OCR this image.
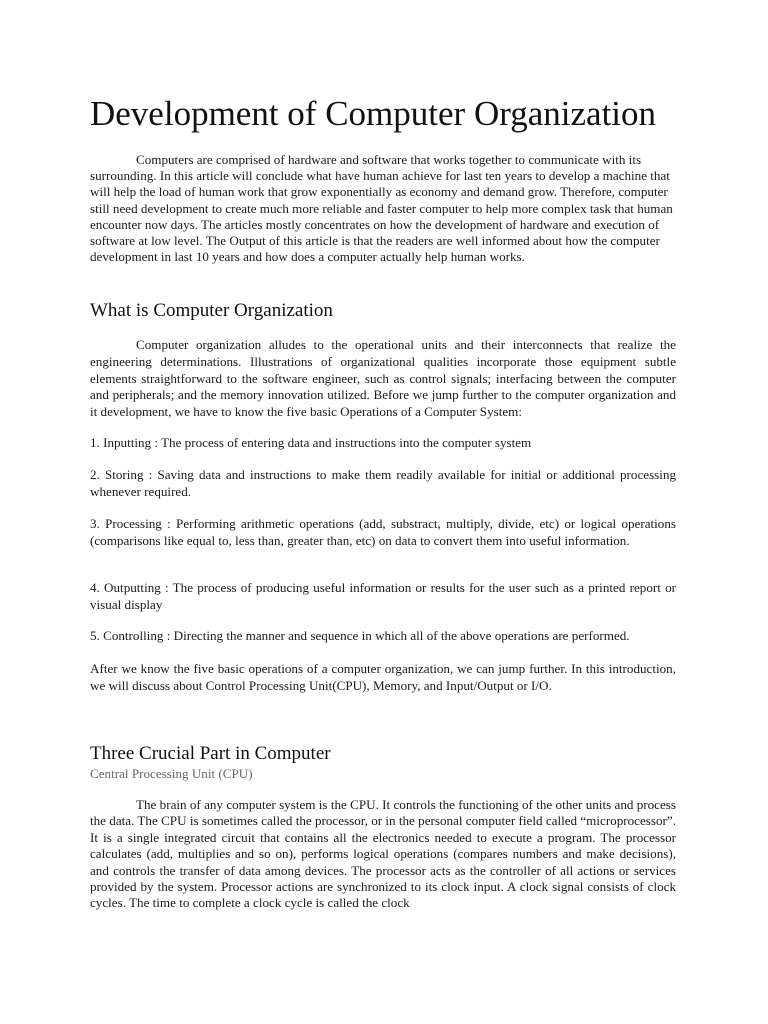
Development of Computer Organization

Computers are comprised of hardware and software that works together to communicate with its surrounding. In this article will conclude what have human achieve for last ten years to develop a machine that will help the load of human work that grow exponentially as economy and demand grow. Therefore, computer still need development to create much more reliable and faster computer to help more complex task that human encounter now days. The articles mostly concentrates on how the development of hardware and execution of software at low level. The Output of this article is that the readers are well informed about how the computer development in last 10 years and how does a computer actually help human works.

What is Computer Organization

Computer organization alludes to the operational units and their interconnects that realize the engineering determinations. Illustrations of organizational qualities incorporate those equipment subtle elements straightforward to the software engineer, such as control signals; interfacing between the computer and peripherals; and the memory innovation utilized. Before we jump further to the computer organization and it development, we have to know the five basic Operations of a Computer System:

1. Inputting : The process of entering data and instructions into the computer system

2. Storing : Saving data and instructions to make them readily available for initial or additional processing whenever required.

3. Processing : Performing arithmetic operations (add, substract, multiply, divide, etc) or logical operations (comparisons like equal to, less than, greater than, etc) on data to convert them into useful information.

4. Outputting : The process of producing useful information or results for the user such as a printed report or visual display

5. Controlling : Directing the manner and sequence in which all of the above operations are performed.

After we know the five basic operations of a computer organization, we can jump further. In this introduction, we will discuss about Control Processing Unit(CPU), Memory, and Input/Output or I/O.

Three Crucial Part in Computer

Central Processing Unit (CPU)

The brain of any computer system is the CPU. It controls the functioning of the other units and process the data. The CPU is sometimes called the processor, or in the personal computer field called “microprocessor”. It is a single integrated circuit that contains all the electronics needed to execute a program. The processor calculates (add, multiplies and so on), performs logical operations (compares numbers and make decisions), and controls the transfer of data among devices. The processor acts as the controller of all actions or services provided by the system. Processor actions are synchronized to its clock input. A clock signal consists of clock cycles. The time to complete a clock cycle is called the clock
